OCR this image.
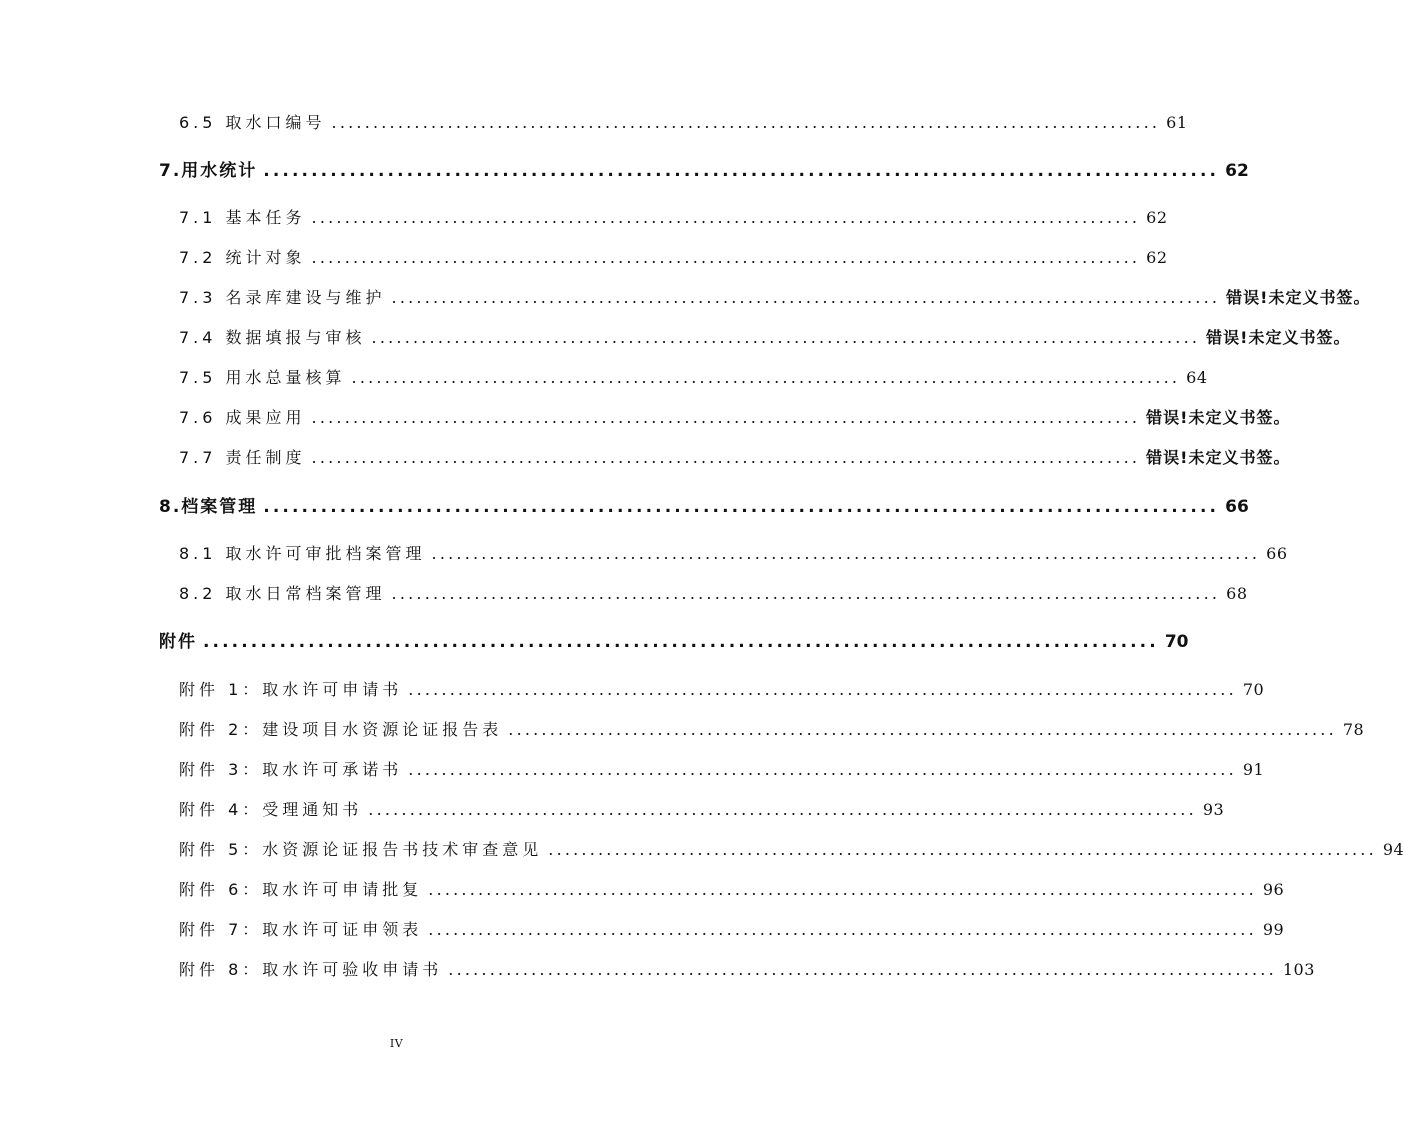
6.5 取水口编号 .................................................................................................... 61
7.用水统计 .................................................................................................... 62
7.1 基本任务 .................................................................................................... 62
7.2 统计对象 .................................................................................................... 62
7.3 名录库建设与维护 .................................................................................................... 错误!未定义书签。
7.4 数据填报与审核 .................................................................................................... 错误!未定义书签。
7.5 用水总量核算 .................................................................................................... 64
7.6 成果应用 .................................................................................................... 错误!未定义书签。
7.7 责任制度 .................................................................................................... 错误!未定义书签。
8.档案管理 .................................................................................................... 66
8.1 取水许可审批档案管理 .................................................................................................... 66
8.2 取水日常档案管理 .................................................................................................... 68
附件 .................................................................................................... 70
附件 1：取水许可申请书 .................................................................................................... 70
附件 2：建设项目水资源论证报告表 .................................................................................................... 78
附件 3：取水许可承诺书 .................................................................................................... 91
附件 4：受理通知书 .................................................................................................... 93
附件 5：水资源论证报告书技术审查意见 .................................................................................................... 94
附件 6：取水许可申请批复 .................................................................................................... 96
附件 7：取水许可证申领表 .................................................................................................... 99
附件 8：取水许可验收申请书 .................................................................................................... 103
IV
